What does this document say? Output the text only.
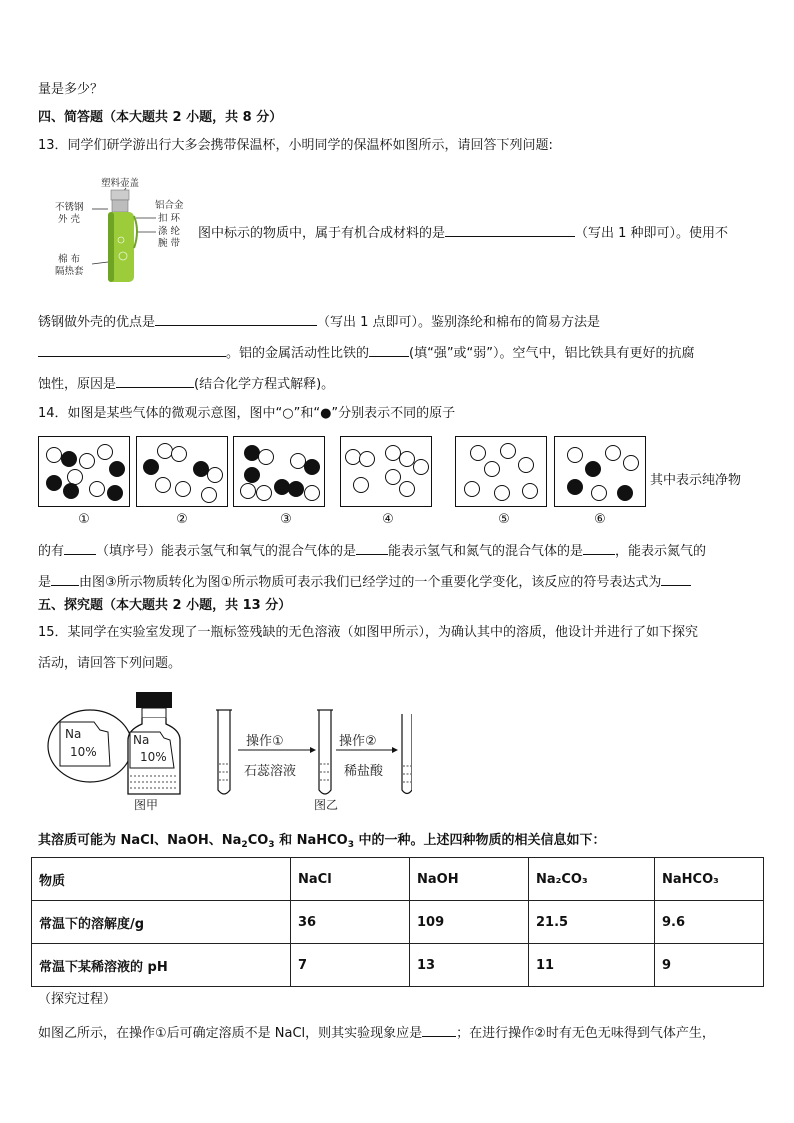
量是多少？
四、简答题（本大题共 2 小题，共 8 分）
13．同学们研学游出行大多会携带保温杯，小明同学的保温杯如图所示，请回答下列问题:
塑料壶盖
不锈钢
外 壳
铝合金
扣 环
涤 纶
腕 带
棉 布
隔热套
图中标示的物质中，属于有机合成材料的是	（写出 1 种即可）。使用不
锈钢做外壳的优点是	（写出 1 点即可）。鉴别涤纶和棉布的简易方法是
。铝的金属活动性比铁的	(填“强”或“弱”）。空气中，铝比铁具有更好的抗腐
蚀性，原因是	(结合化学方程式解释)。
14．如图是某些气体的微观示意图，图中“○”和“●”分别表示不同的原子
其中表示纯净物
①	②	③	④	⑤	⑥
的有 （填序号）能表示氢气和氧气的混合气体的是 能表示氢气和氮气的混合气体的是 ，能表示氮气的
是 由图③所示物质转化为图①所示物质可表示我们已经学过的一个重要化学变化，该反应的符号表达式为
五、探究题（本大题共 2 小题，共 13 分）
15．某同学在实验室发现了一瓶标签残缺的无色溶液（如图甲所示），为确认其中的溶质，他设计并进行了如下探究
活动，请回答下列问题。
Na
10%
Na
10%
图甲
操作①
石蕊溶液
操作②
稀盐酸
图乙
其溶质可能为 NaCl、NaOH、$Na_2CO_3$ 和 NaHCO$_3$ 中的一种。上述四种物质的相关信息如下：
物质	NaCl	NaOH	Na₂CO₃	NaHCO₃
常温下的溶解度/g	36	109	21.5	9.6
常温下某稀溶液的 pH	7	13	11	9
（探究过程）
如图乙所示，在操作①后可确定溶质不是 NaCl，则其实验现象应是	；在进行操作②时有无色无味得到气体产生，
